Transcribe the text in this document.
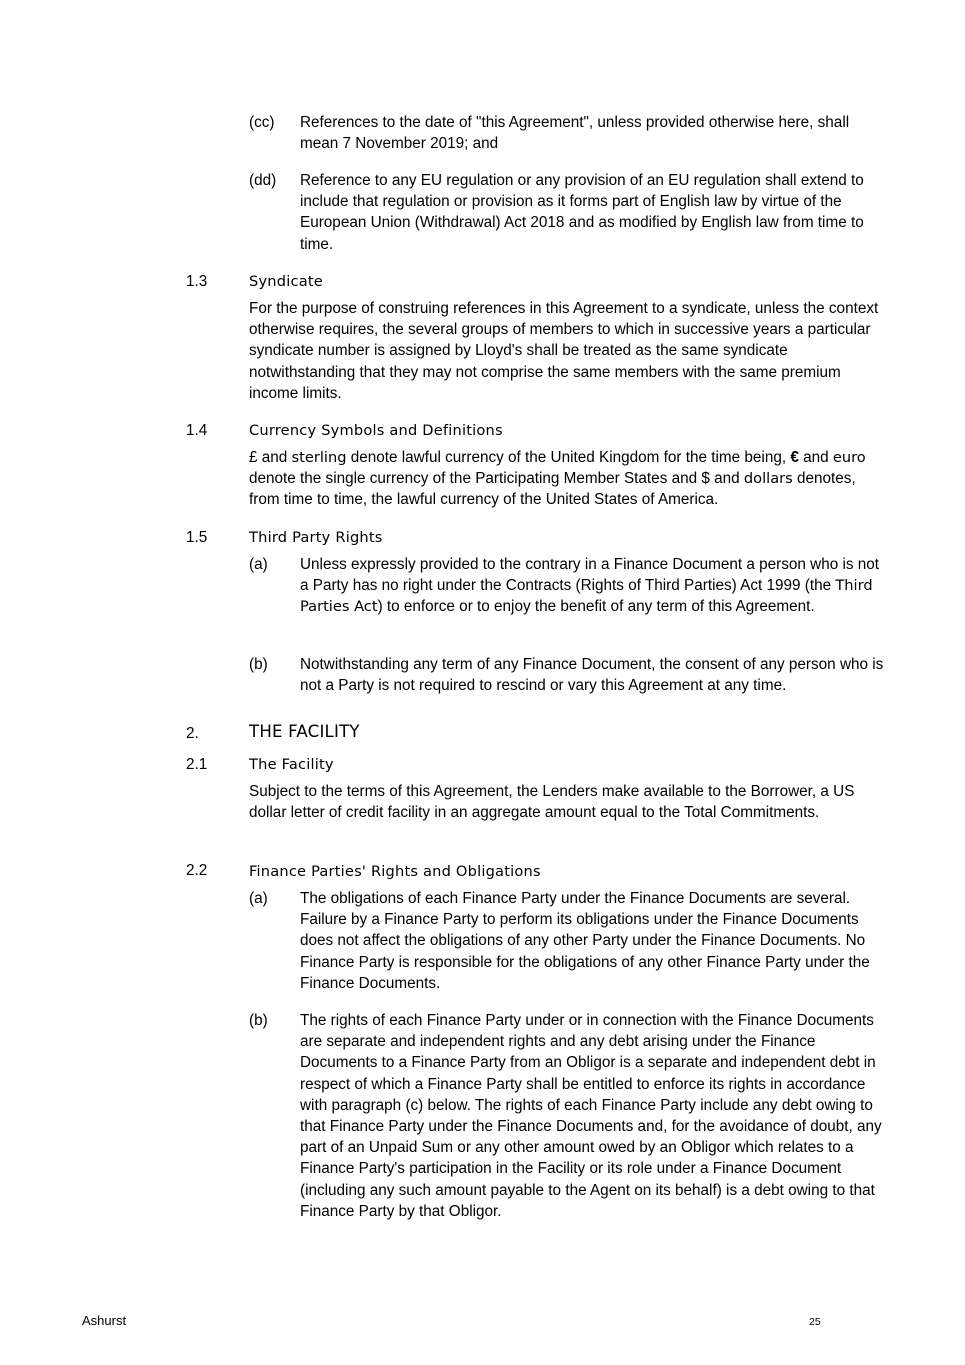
(cc) References to the date of "this Agreement", unless provided otherwise here, shall mean 7 November 2019; and
(dd) Reference to any EU regulation or any provision of an EU regulation shall extend to include that regulation or provision as it forms part of English law by virtue of the European Union (Withdrawal) Act 2018 and as modified by English law from time to time.
1.3	Syndicate
For the purpose of construing references in this Agreement to a syndicate, unless the context otherwise requires, the several groups of members to which in successive years a particular syndicate number is assigned by Lloyd's shall be treated as the same syndicate notwithstanding that they may not comprise the same members with the same premium income limits.
1.4	Currency Symbols and Definitions
£ and sterling denote lawful currency of the United Kingdom for the time being, € and euro denote the single currency of the Participating Member States and $ and dollars denotes, from time to time, the lawful currency of the United States of America.
1.5	Third Party Rights
(a) Unless expressly provided to the contrary in a Finance Document a person who is not a Party has no right under the Contracts (Rights of Third Parties) Act 1999 (the Third Parties Act) to enforce or to enjoy the benefit of any term of this Agreement.
(b) Notwithstanding any term of any Finance Document, the consent of any person who is not a Party is not required to rescind or vary this Agreement at any time.
2.	THE FACILITY
2.1	The Facility
Subject to the terms of this Agreement, the Lenders make available to the Borrower, a US dollar letter of credit facility in an aggregate amount equal to the Total Commitments.
2.2	Finance Parties' Rights and Obligations
(a) The obligations of each Finance Party under the Finance Documents are several. Failure by a Finance Party to perform its obligations under the Finance Documents does not affect the obligations of any other Party under the Finance Documents. No Finance Party is responsible for the obligations of any other Finance Party under the Finance Documents.
(b) The rights of each Finance Party under or in connection with the Finance Documents are separate and independent rights and any debt arising under the Finance Documents to a Finance Party from an Obligor is a separate and independent debt in respect of which a Finance Party shall be entitled to enforce its rights in accordance with paragraph (c) below. The rights of each Finance Party include any debt owing to that Finance Party under the Finance Documents and, for the avoidance of doubt, any part of an Unpaid Sum or any other amount owed by an Obligor which relates to a Finance Party's participation in the Facility or its role under a Finance Document (including any such amount payable to the Agent on its behalf) is a debt owing to that Finance Party by that Obligor.
Ashurst	25
